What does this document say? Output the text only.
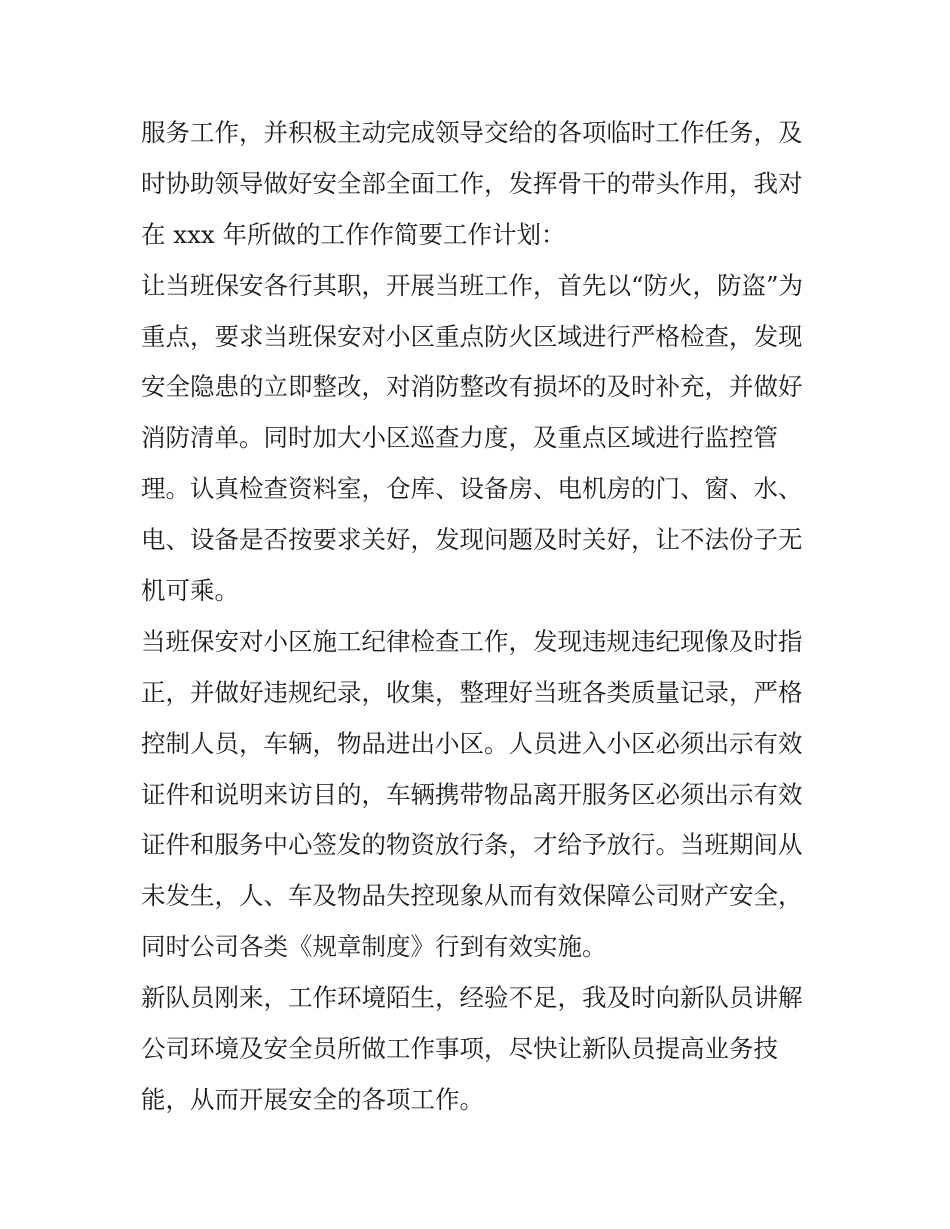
服务工作，并积极主动完成领导交给的各项临时工作任务，及
时协助领导做好安全部全面工作，发挥骨干的带头作用，我对
在 xxx 年所做的工作作简要工作计划：
让当班保安各行其职，开展当班工作，首先以“防火，防盗”为
重点，要求当班保安对小区重点防火区域进行严格检查，发现
安全隐患的立即整改，对消防整改有损坏的及时补充，并做好
消防清单。同时加大小区巡查力度，及重点区域进行监控管
理。认真检查资料室，仓库、设备房、电机房的门、窗、水、
电、设备是否按要求关好，发现问题及时关好，让不法份子无
机可乘。
当班保安对小区施工纪律检查工作，发现违规违纪现像及时指
正，并做好违规纪录，收集，整理好当班各类质量记录，严格
控制人员，车辆，物品进出小区。人员进入小区必须出示有效
证件和说明来访目的，车辆携带物品离开服务区必须出示有效
证件和服务中心签发的物资放行条，才给予放行。当班期间从
未发生，人、车及物品失控现象从而有效保障公司财产安全，
同时公司各类《规章制度》行到有效实施。
新队员刚来，工作环境陌生，经验不足，我及时向新队员讲解
公司环境及安全员所做工作事项，尽快让新队员提高业务技
能，从而开展安全的各项工作。
